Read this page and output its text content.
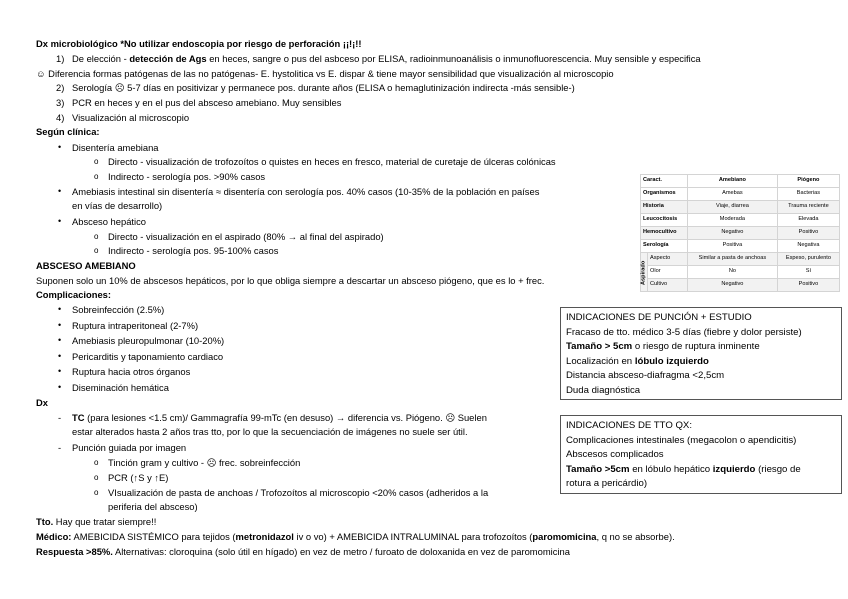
Dx microbiológico *No utilizar endoscopia por riesgo de perforación ¡¡!¡!!
1) De elección - detección de Ags en heces, sangre o pus del asbceso por ELISA, radioinmunoanálisis o inmunofluorescencia. Muy sensible y especifica
☺ Diferencia formas patógenas de las no patógenas- E. hystolitica vs E. dispar & tiene mayor sensibilidad que visualización al microscopio
2) Serología ☹ 5-7 días en positivizar y permanece pos. durante años (ELISA o hemaglutinización indirecta -más sensible-)
3) PCR en heces y en el pus del absceso amebiano. Muy sensibles
4) Visualización al microscopio
Según clínica:
• Disentería amebiana
o Directo - visualización de trofozoítos o quistes en heces en fresco, material de curetaje de úlceras colónicas
o Indirecto - serología pos. >90% casos
• Amebiasis intestinal sin disentería ≈ disentería con serología pos. 40% casos (10-35% de la población en países
en vías de desarrollo)
• Absceso hepático
o Directo - visualización en el aspirado (80% → al final del aspirado)
o Indirecto - serología pos. 95-100% casos
ABSCESO AMEBIANO
Suponen solo un 10% de abscesos hepáticos, por lo que obliga siempre a descartar un absceso piógeno, que es lo + frec.
Complicaciones:
• Sobreinfección (2.5%)
• Ruptura intraperitoneal (2-7%)
• Amebiasis pleuropulmonar (10-20%)
• Pericarditis y taponamiento cardiaco
• Ruptura hacia otros órganos
• Diseminación hemática
Dx
- TC (para lesiones <1.5 cm)/ Gammagrafía 99-mTc (en desuso) → diferencia vs. Piógeno. ☹ Suelen
estar alterados hasta 2 años tras tto, por lo que la secuenciación de imágenes no suele ser útil.
- Punción guiada por imagen
o Tinción gram y cultivo - ☹ frec. sobreinfección
o PCR (↑S y ↑E)
o VIsualización de pasta de anchoas / Trofozoítos al microscopio <20% casos (adheridos a la
periferia del absceso)
Tto. Hay que tratar siempre!!
Médico: AMEBICIDA SISTÉMICO para tejidos (metronidazol iv o vo) + AMEBICIDA INTRALUMINAL para trofozoítos (paromomicina, q no se absorbe).
Respuesta >85%. Alternativas: cloroquina (solo útil en hígado) en vez de metro / furoato de doloxanida en vez de paromomicina
Caract.		Amebiano	Piógeno
Organismos		Amebas	Bacterias
Historia		Viaje, diarrea	Trauma reciente
Leucocitosis		Moderada	Elevada
Hemocultivo		Negativo	Positivo
Serología		Positiva	Negativa
Aspirado	Aspecto	Similar a pasta de anchoas	Espeso, purulento
	Olor	No	Sí
	Cultivo	Negativo	Positivo
INDICACIONES DE PUNCIÓN + ESTUDIO
Fracaso de tto. médico 3-5 días (fiebre y dolor persiste)
Tamaño > 5cm o riesgo de ruptura inminente
Localización en lóbulo izquierdo
Distancia absceso-diafragma <2,5cm
Duda diagnóstica
INDICACIONES DE TTO QX:
Complicaciones intestinales (megacolon o apendicitis)
Abscesos complicados
Tamaño >5cm en lóbulo hepático izquierdo (riesgo de
rotura a pericárdio)
